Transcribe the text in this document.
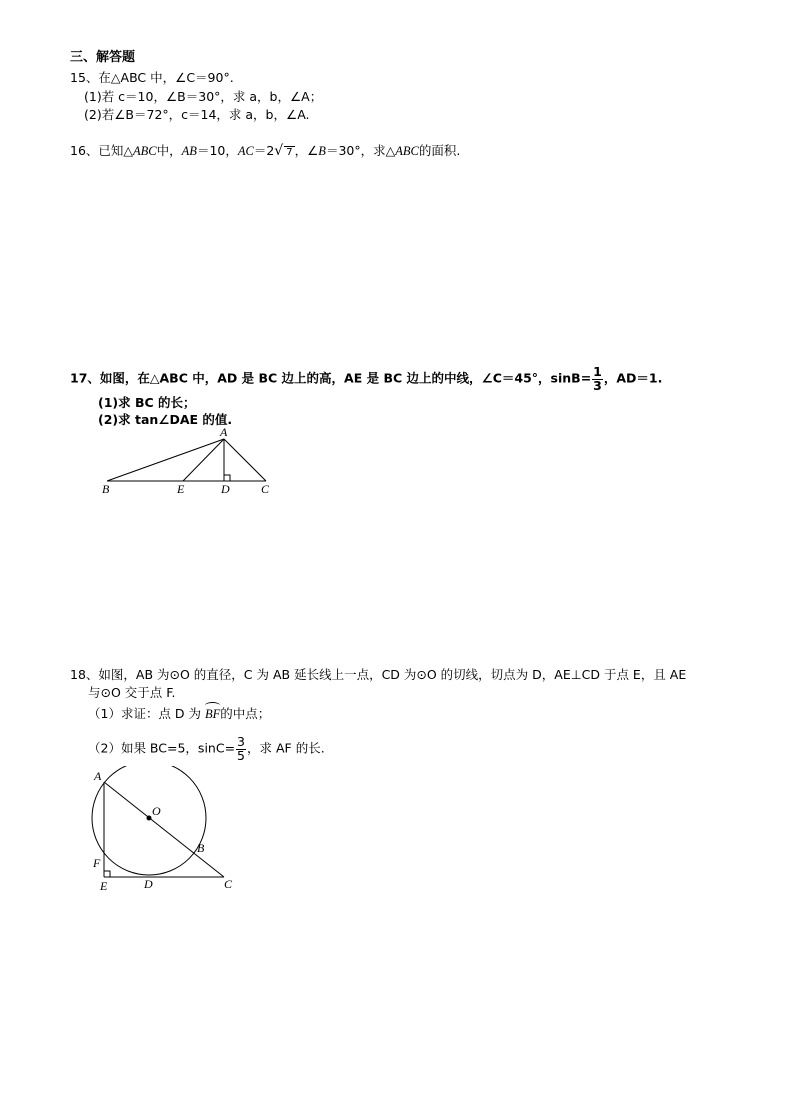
三、解答题
15、在△ABC 中，∠C＝90°.
(1)若 c＝10，∠B＝30°，求 a，b，∠A；
(2)若∠B＝72°，c＝14，求 a，b，∠A.
16、已知△ABC中，AB＝10，AC＝2√ 7 ，∠B＝30°，求△ABC的面积.
17、如图，在△ABC 中，AD 是 BC 边上的高，AE 是 BC 边上的中线，∠C＝45°，$\sin B= \frac{1}{3}$ ，AD＝1.
(1)求 BC 的长；
(2)求 tan∠DAE 的值.
A
B	E	D	C
18、如图，AB 为⊙O 的直径，C 为 AB 延长线上一点，CD 为⊙O 的切线，切点为 D，AE⊥CD 于点 E，且 AE
与⊙O 交于点 F.
（1）求证：点 D 为 BF的中点；
（2）如果 BC=5，$\sin C= \frac{3}{5}$ ，求 AF 的长.
A
O
B
F
E	D	C
